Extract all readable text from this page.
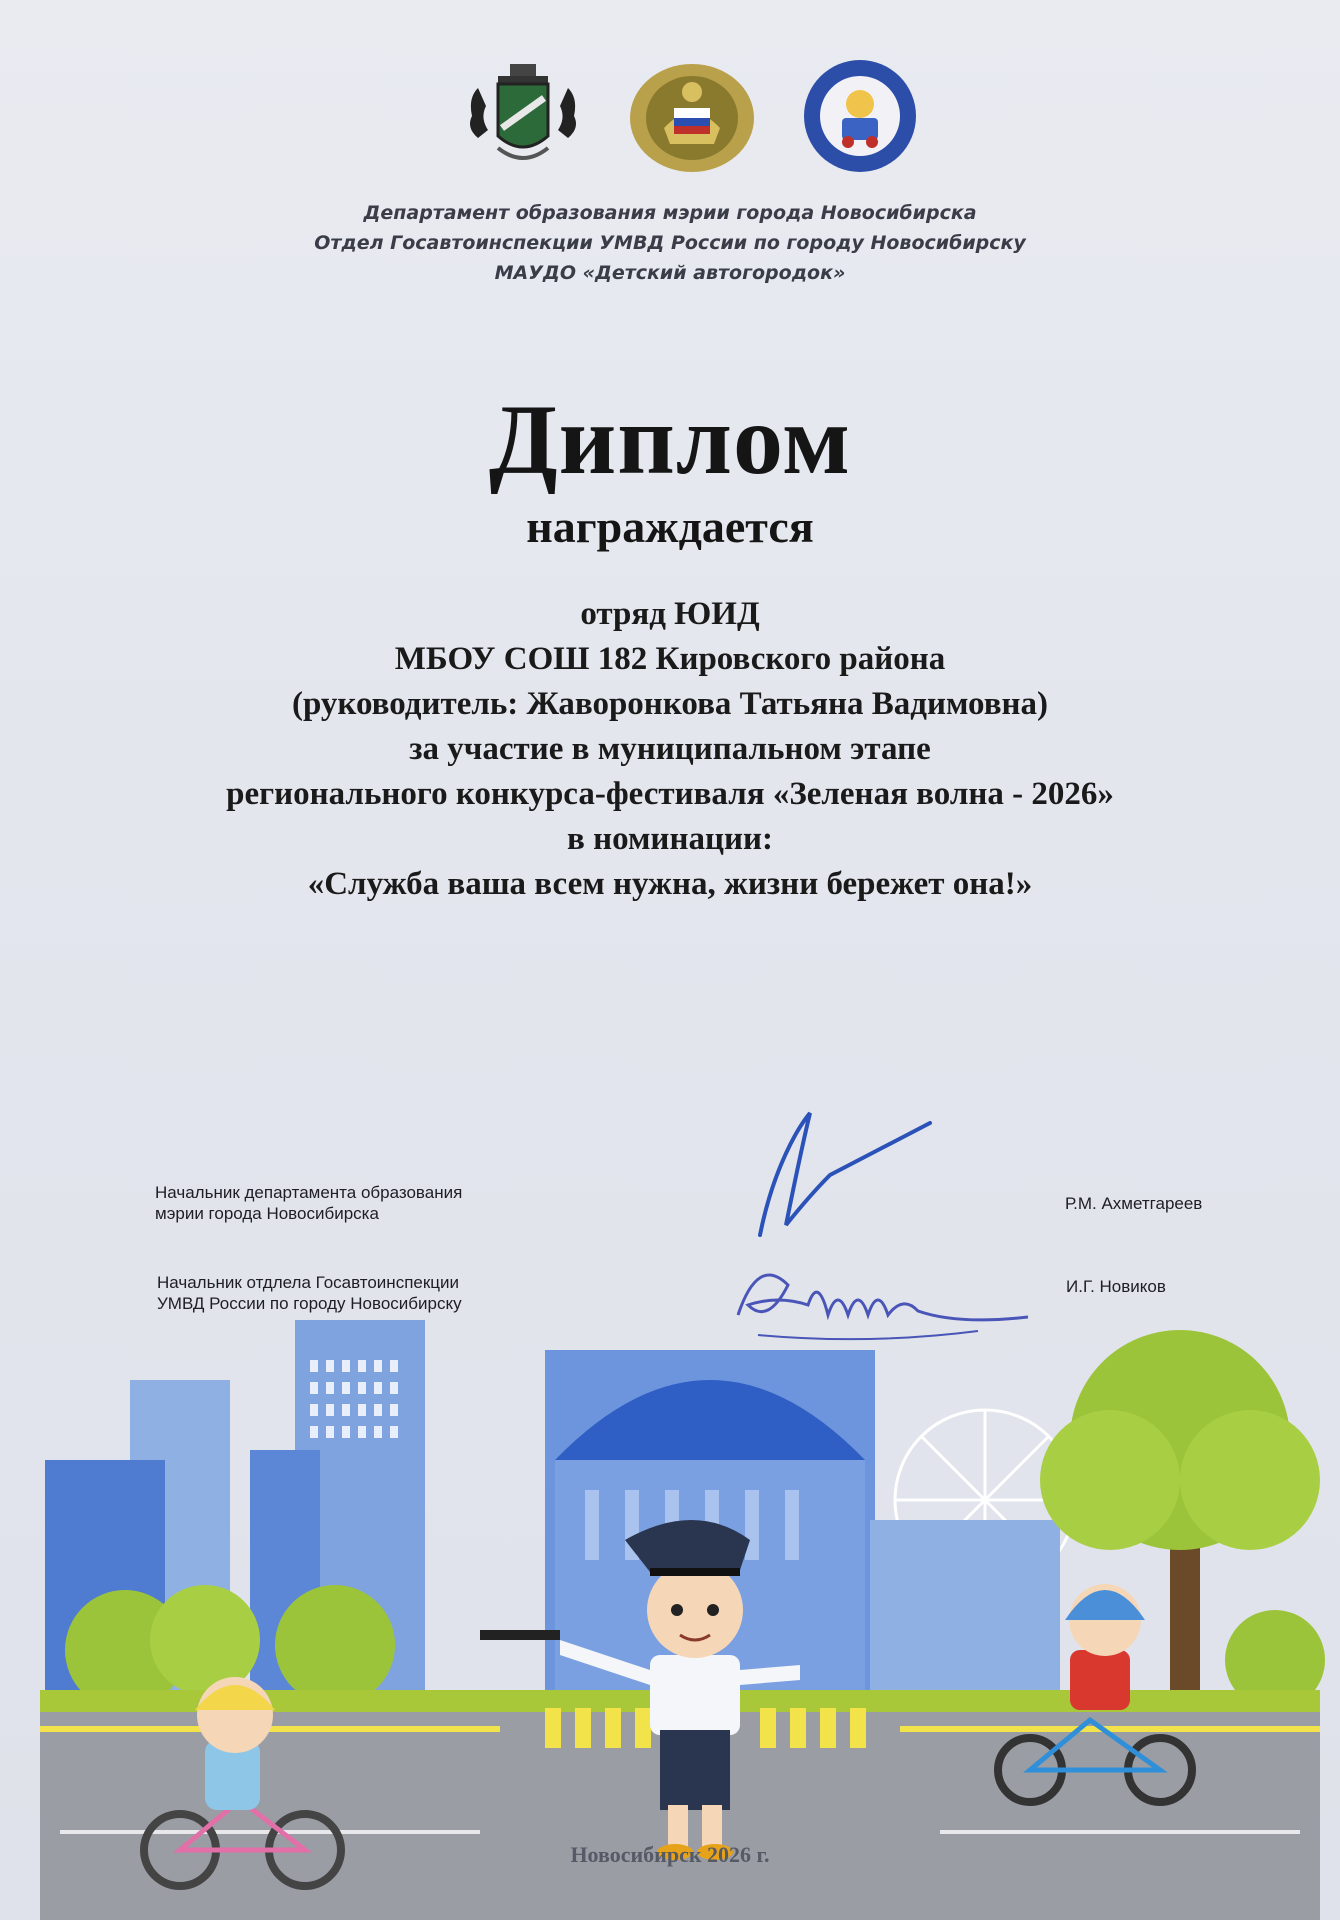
Департамент образования мэрии города Новосибирска
Отдел Госавтоинспекции УМВД России по городу Новосибирску
МАУДО «Детский автогородок»
Диплом
награждается
отряд ЮИД
МБОУ СОШ 182 Кировского района
(руководитель: Жаворонкова Татьяна Вадимовна)
за участие в муниципальном этапе
регионального конкурса-фестиваля «Зеленая волна - 2026»
в номинации:
«Служба ваша всем нужна, жизни бережет она!»
Начальник департамента образования
мэрии города Новосибирска
Р.М. Ахметгареев
Начальник отдлела Госавтоинспекции
УМВД России по городу Новосибирску
И.Г. Новиков
Новосибирск 2026 г.
